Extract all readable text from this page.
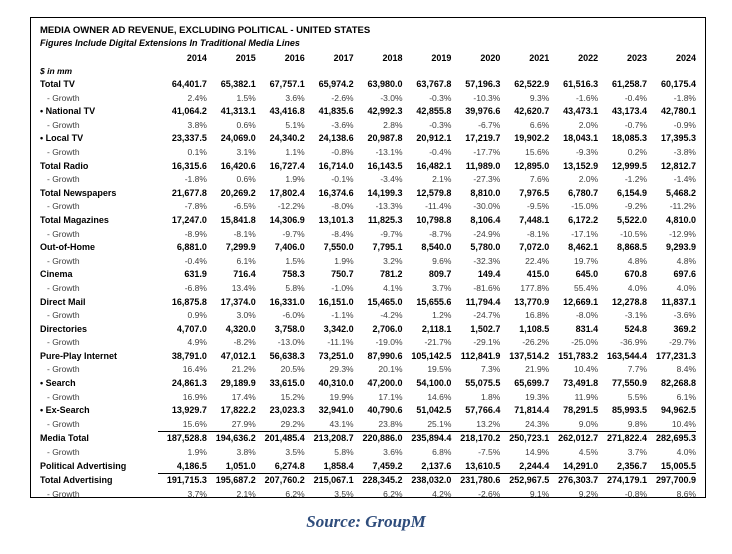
MEDIA OWNER AD REVENUE, EXCLUDING POLITICAL - UNITED STATES
Figures Include Digital Extensions In Traditional Media Lines
	2014	2015	2016	2017	2018	2019	2020	2021	2022	2023	2024
$ in mm											
Total TV	64,401.7	65,382.1	67,757.1	65,974.2	63,980.0	63,767.8	57,196.3	62,522.9	61,516.3	61,258.7	60,175.4
- Growth	2.4%	1.5%	3.6%	-2.6%	-3.0%	-0.3%	-10.3%	9.3%	-1.6%	-0.4%	-1.8%
• National TV	41,064.2	41,313.1	43,416.8	41,835.6	42,992.3	42,855.8	39,976.6	42,620.7	43,473.1	43,173.4	42,780.1
- Growth	3.8%	0.6%	5.1%	-3.6%	2.8%	-0.3%	-6.7%	6.6%	2.0%	-0.7%	-0.9%
• Local TV	23,337.5	24,069.0	24,340.2	24,138.6	20,987.8	20,912.1	17,219.7	19,902.2	18,043.1	18,085.3	17,395.3
- Growth	0.1%	3.1%	1.1%	-0.8%	-13.1%	-0.4%	-17.7%	15.6%	-9.3%	0.2%	-3.8%
Total Radio	16,315.6	16,420.6	16,727.4	16,714.0	16,143.5	16,482.1	11,989.0	12,895.0	13,152.9	12,999.5	12,812.7
- Growth	-1.8%	0.6%	1.9%	-0.1%	-3.4%	2.1%	-27.3%	7.6%	2.0%	-1.2%	-1.4%
Total Newspapers	21,677.8	20,269.2	17,802.4	16,374.6	14,199.3	12,579.8	8,810.0	7,976.5	6,780.7	6,154.9	5,468.2
- Growth	-7.8%	-6.5%	-12.2%	-8.0%	-13.3%	-11.4%	-30.0%	-9.5%	-15.0%	-9.2%	-11.2%
Total Magazines	17,247.0	15,841.8	14,306.9	13,101.3	11,825.3	10,798.8	8,106.4	7,448.1	6,172.2	5,522.0	4,810.0
- Growth	-8.9%	-8.1%	-9.7%	-8.4%	-9.7%	-8.7%	-24.9%	-8.1%	-17.1%	-10.5%	-12.9%
Out-of-Home	6,881.0	7,299.9	7,406.0	7,550.0	7,795.1	8,540.0	5,780.0	7,072.0	8,462.1	8,868.5	9,293.9
- Growth	-0.4%	6.1%	1.5%	1.9%	3.2%	9.6%	-32.3%	22.4%	19.7%	4.8%	4.8%
Cinema	631.9	716.4	758.3	750.7	781.2	809.7	149.4	415.0	645.0	670.8	697.6
- Growth	-6.8%	13.4%	5.8%	-1.0%	4.1%	3.7%	-81.6%	177.8%	55.4%	4.0%	4.0%
Direct Mail	16,875.8	17,374.0	16,331.0	16,151.0	15,465.0	15,655.6	11,794.4	13,770.9	12,669.1	12,278.8	11,837.1
- Growth	0.9%	3.0%	-6.0%	-1.1%	-4.2%	1.2%	-24.7%	16.8%	-8.0%	-3.1%	-3.6%
Directories	4,707.0	4,320.0	3,758.0	3,342.0	2,706.0	2,118.1	1,502.7	1,108.5	831.4	524.8	369.2
- Growth	4.9%	-8.2%	-13.0%	-11.1%	-19.0%	-21.7%	-29.1%	-26.2%	-25.0%	-36.9%	-29.7%
Pure-Play Internet	38,791.0	47,012.1	56,638.3	73,251.0	87,990.6	105,142.5	112,841.9	137,514.2	151,783.2	163,544.4	177,231.3
- Growth	16.4%	21.2%	20.5%	29.3%	20.1%	19.5%	7.3%	21.9%	10.4%	7.7%	8.4%
• Search	24,861.3	29,189.9	33,615.0	40,310.0	47,200.0	54,100.0	55,075.5	65,699.7	73,491.8	77,550.9	82,268.8
- Growth	16.9%	17.4%	15.2%	19.9%	17.1%	14.6%	1.8%	19.3%	11.9%	5.5%	6.1%
• Ex-Search	13,929.7	17,822.2	23,023.3	32,941.0	40,790.6	51,042.5	57,766.4	71,814.4	78,291.5	85,993.5	94,962.5
- Growth	15.6%	27.9%	29.2%	43.1%	23.8%	25.1%	13.2%	24.3%	9.0%	9.8%	10.4%
Media Total	187,528.8	194,636.2	201,485.4	213,208.7	220,886.0	235,894.4	218,170.2	250,723.1	262,012.7	271,822.4	282,695.3
- Growth	1.9%	3.8%	3.5%	5.8%	3.6%	6.8%	-7.5%	14.9%	4.5%	3.7%	4.0%
Political Advertising	4,186.5	1,051.0	6,274.8	1,858.4	7,459.2	2,137.6	13,610.5	2,244.4	14,291.0	2,356.7	15,005.5
Total Advertising	191,715.3	195,687.2	207,760.2	215,067.1	228,345.2	238,032.0	231,780.6	252,967.5	276,303.7	274,179.1	297,700.9
- Growth	3.7%	2.1%	6.2%	3.5%	6.2%	4.2%	-2.6%	9.1%	9.2%	-0.8%	8.6%
Source: GroupM
